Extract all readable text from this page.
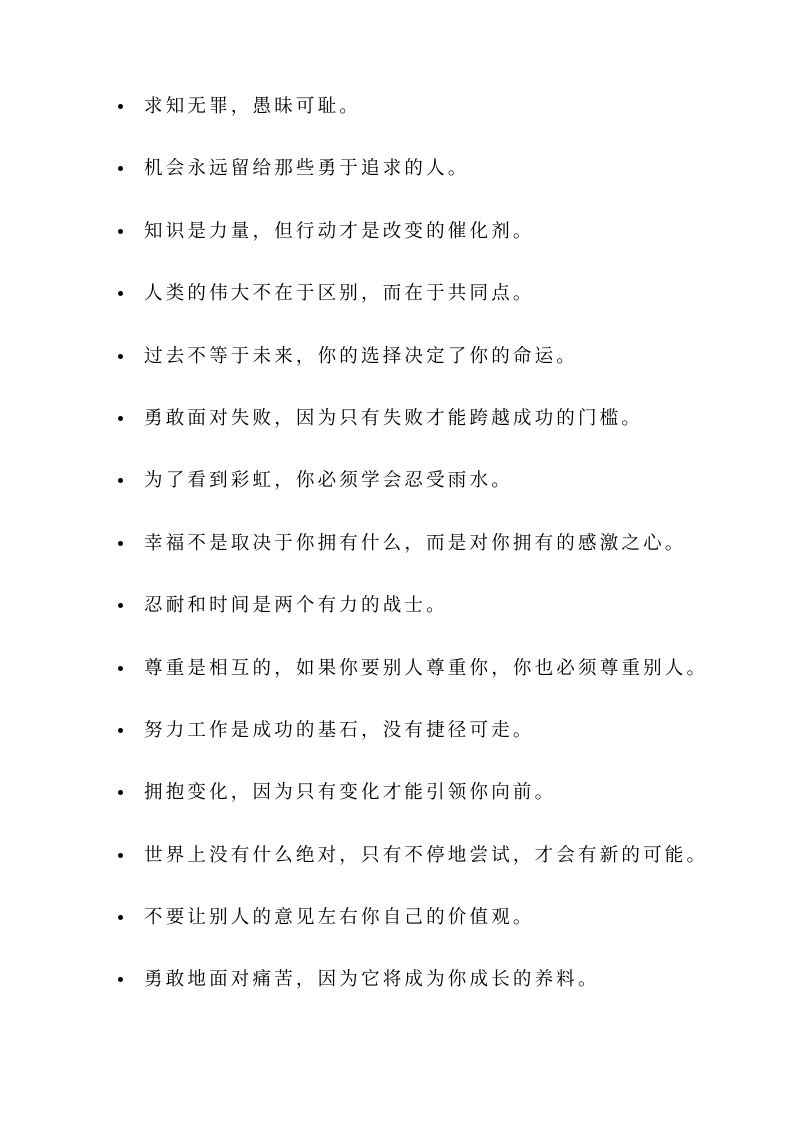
求知无罪，愚昧可耻。
机会永远留给那些勇于追求的人。
知识是力量，但行动才是改变的催化剂。
人类的伟大不在于区别，而在于共同点。
过去不等于未来，你的选择决定了你的命运。
勇敢面对失败，因为只有失败才能跨越成功的门槛。
为了看到彩虹，你必须学会忍受雨水。
幸福不是取决于你拥有什么，而是对你拥有的感激之心。
忍耐和时间是两个有力的战士。
尊重是相互的，如果你要别人尊重你，你也必须尊重别人。
努力工作是成功的基石，没有捷径可走。
拥抱变化，因为只有变化才能引领你向前。
世界上没有什么绝对，只有不停地尝试，才会有新的可能。
不要让别人的意见左右你自己的价值观。
勇敢地面对痛苦，因为它将成为你成长的养料。
